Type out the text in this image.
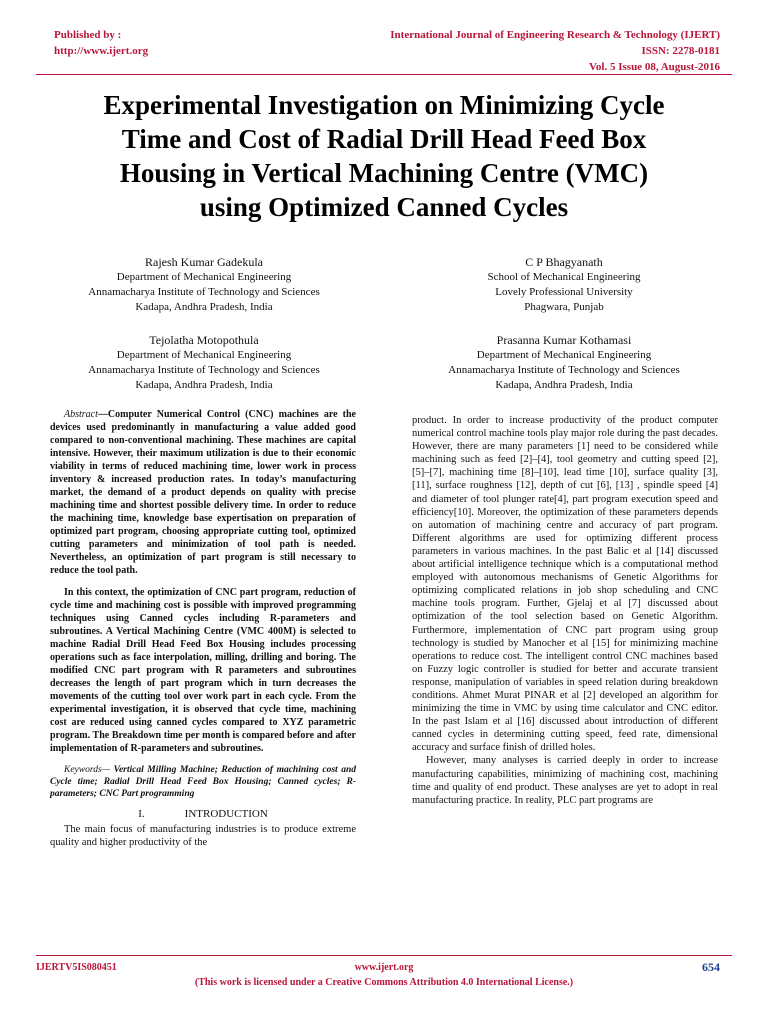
Published by :
http://www.ijert.org
International Journal of Engineering Research & Technology (IJERT)
ISSN: 2278-0181
Vol. 5 Issue 08, August-2016
Experimental Investigation on Minimizing Cycle
Time and Cost of Radial Drill Head Feed Box
Housing in Vertical Machining Centre (VMC)
using Optimized Canned Cycles
Rajesh Kumar Gadekula
Department of Mechanical Engineering
Annamacharya Institute of Technology and Sciences
Kadapa, Andhra Pradesh, India
C P Bhagyanath
School of Mechanical Engineering
Lovely Professional University
Phagwara, Punjab
Tejolatha Motopothula
Department of Mechanical Engineering
Annamacharya Institute of Technology and Sciences
Kadapa, Andhra Pradesh, India
Prasanna Kumar Kothamasi
Department of Mechanical Engineering
Annamacharya Institute of Technology and Sciences
Kadapa, Andhra Pradesh, India

Abstract—Computer Numerical Control (CNC) machines are the devices used predominantly in manufacturing a value added good compared to non-conventional machining. These machines are capital intensive. However, their maximum utilization is due to their economic viability in terms of reduced machining time, lower work in process inventory & increased production rates. In today’s manufacturing market, the demand of a product depends on quality with precise machining time and shortest possible delivery time. In order to reduce the machining time, knowledge base expertisation on preparation of optimized part program, choosing appropriate cutting tool, optimized cutting parameters and minimization of tool path is needed. Nevertheless, an optimization of part program is still necessary to reduce the tool path.

In this context, the optimization of CNC part program, reduction of cycle time and machining cost is possible with improved programming techniques using Canned cycles including R-parameters and subroutines. A Vertical Machining Centre (VMC 400M) is selected to machine Radial Drill Head Feed Box Housing includes processing operations such as face interpolation, milling, drilling and boring. The modified CNC part program with R parameters and subroutines decreases the length of part program which in turn decreases the movements of the cutting tool over work part in each cycle. From the experimental investigation, it is observed that cycle time, machining cost are reduced using canned cycles compared to XYZ parametric program. The Breakdown time per month is compared before and after implementation of R-parameters and subroutines.

Keywords— Vertical Milling Machine; Reduction of machining cost and Cycle time; Radial Drill Head Feed Box Housing; Canned cycles; R-parameters; CNC Part programming

I.	INTRODUCTION

The main focus of manufacturing industries is to produce extreme quality and higher productivity of the

product. In order to increase productivity of the product computer numerical control machine tools play major role during the past decades. However, there are many parameters [1] need to be considered while machining such as feed [2]–[4], tool geometry and cutting speed [2], [5]–[7], machining time [8]–[10], lead time [10], surface quality [3], [11], surface roughness [12], depth of cut [6], [13] , spindle speed [4] and diameter of tool plunger rate[4], part program execution speed and efficiency[10]. Moreover, the optimization of these parameters depends on automation of machining centre and accuracy of part program. Different algorithms are used for optimizing different process parameters in various machines. In the past Balic et al [14] discussed about artificial intelligence technique which is a computational method employed with autonomous mechanisms of Genetic Algorithms for optimizing complicated relations in job shop scheduling and CNC machine tools program. Further, Gjelaj et al [7] discussed about optimization of the tool selection based on Genetic Algorithm. Furthermore, implementation of CNC part program using group technology is studied by Manocher et al [15] for minimizing machine operations to reduce cost. The intelligent control CNC machines based on Fuzzy logic controller is studied for better and accurate transient response, manipulation of variables in speed relation during breakdown conditions. Ahmet Murat PINAR et al [2] developed an algorithm for minimizing the time in VMC by using time calculator and CNC editor. In the past Islam et al [16] discussed about introduction of different canned cycles in determining cutting speed, feed rate, dimensional accuracy and surface finish of drilled holes.

However, many analyses is carried deeply in order to increase manufacturing capabilities, minimizing of machining cost, machining time and quality of end product. These analyses are yet to adopt in real manufacturing practice. In reality, PLC part programs are

IJERTV5IS080451	www.ijert.org	654
(This work is licensed under a Creative Commons Attribution 4.0 International License.)
